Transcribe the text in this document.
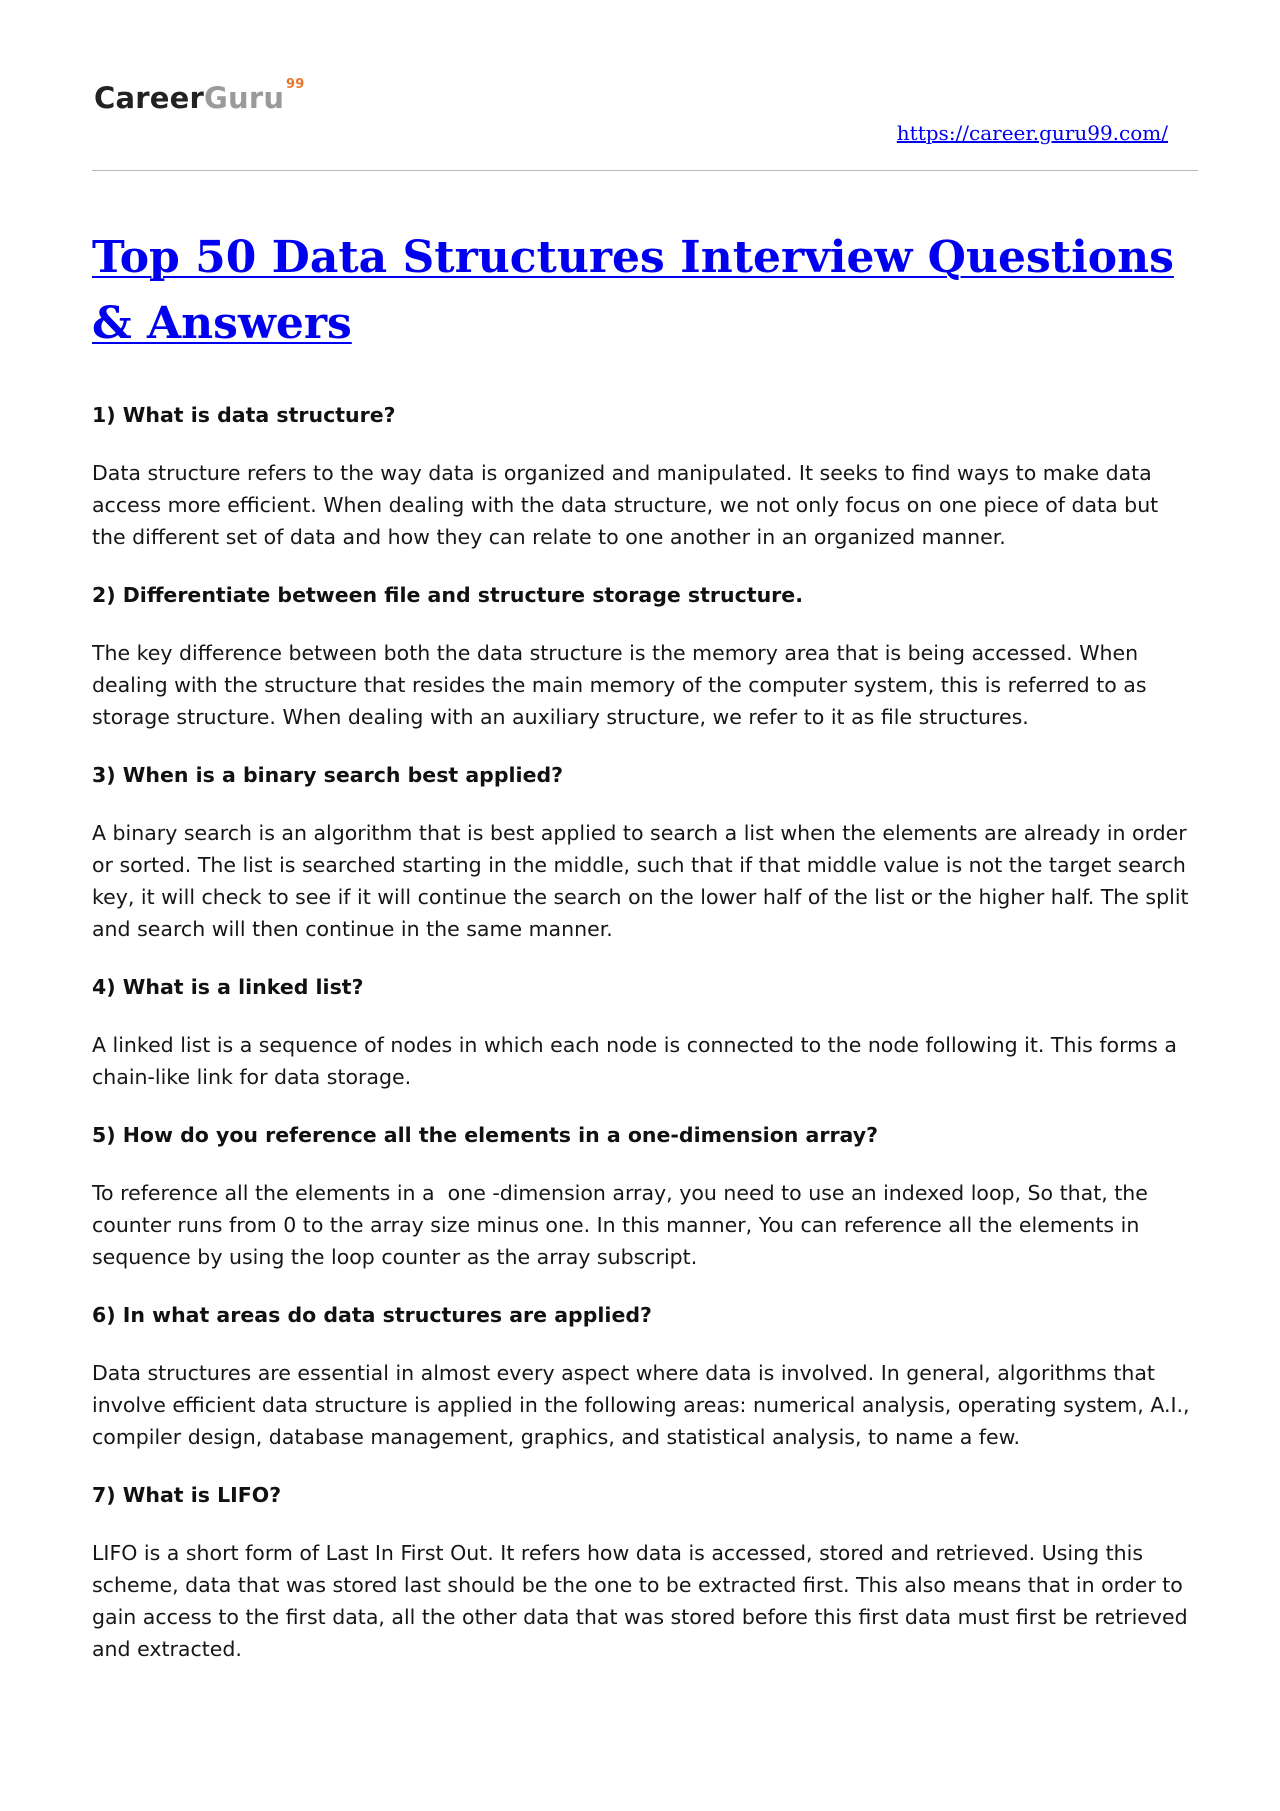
CareerGuru 99
https://career.guru99.com/
Top 50 Data Structures Interview Questions & Answers

1) What is data structure?

Data structure refers to the way data is organized and manipulated. It seeks to find ways to make data access more efficient. When dealing with the data structure, we not only focus on one piece of data but the different set of data and how they can relate to one another in an organized manner.

2) Differentiate between file and structure storage structure.

The key difference between both the data structure is the memory area that is being accessed. When dealing with the structure that resides the main memory of the computer system, this is referred to as storage structure. When dealing with an auxiliary structure, we refer to it as file structures.

3) When is a binary search best applied?

A binary search is an algorithm that is best applied to search a list when the elements are already in order or sorted. The list is searched starting in the middle, such that if that middle value is not the target search key, it will check to see if it will continue the search on the lower half of the list or the higher half. The split and search will then continue in the same manner.

4) What is a linked list?

A linked list is a sequence of nodes in which each node is connected to the node following it. This forms a chain-like link for data storage.

5) How do you reference all the elements in a one-dimension array?

To reference all the elements in a  one -dimension array, you need to use an indexed loop, So that, the counter runs from 0 to the array size minus one. In this manner, You can reference all the elements in sequence by using the loop counter as the array subscript.

6) In what areas do data structures are applied?

Data structures are essential in almost every aspect where data is involved. In general, algorithms that involve efficient data structure is applied in the following areas: numerical analysis, operating system, A.I., compiler design, database management, graphics, and statistical analysis, to name a few.

7) What is LIFO?

LIFO is a short form of Last In First Out. It refers how data is accessed, stored and retrieved. Using this scheme, data that was stored last should be the one to be extracted first. This also means that in order to gain access to the first data, all the other data that was stored before this first data must first be retrieved and extracted.
